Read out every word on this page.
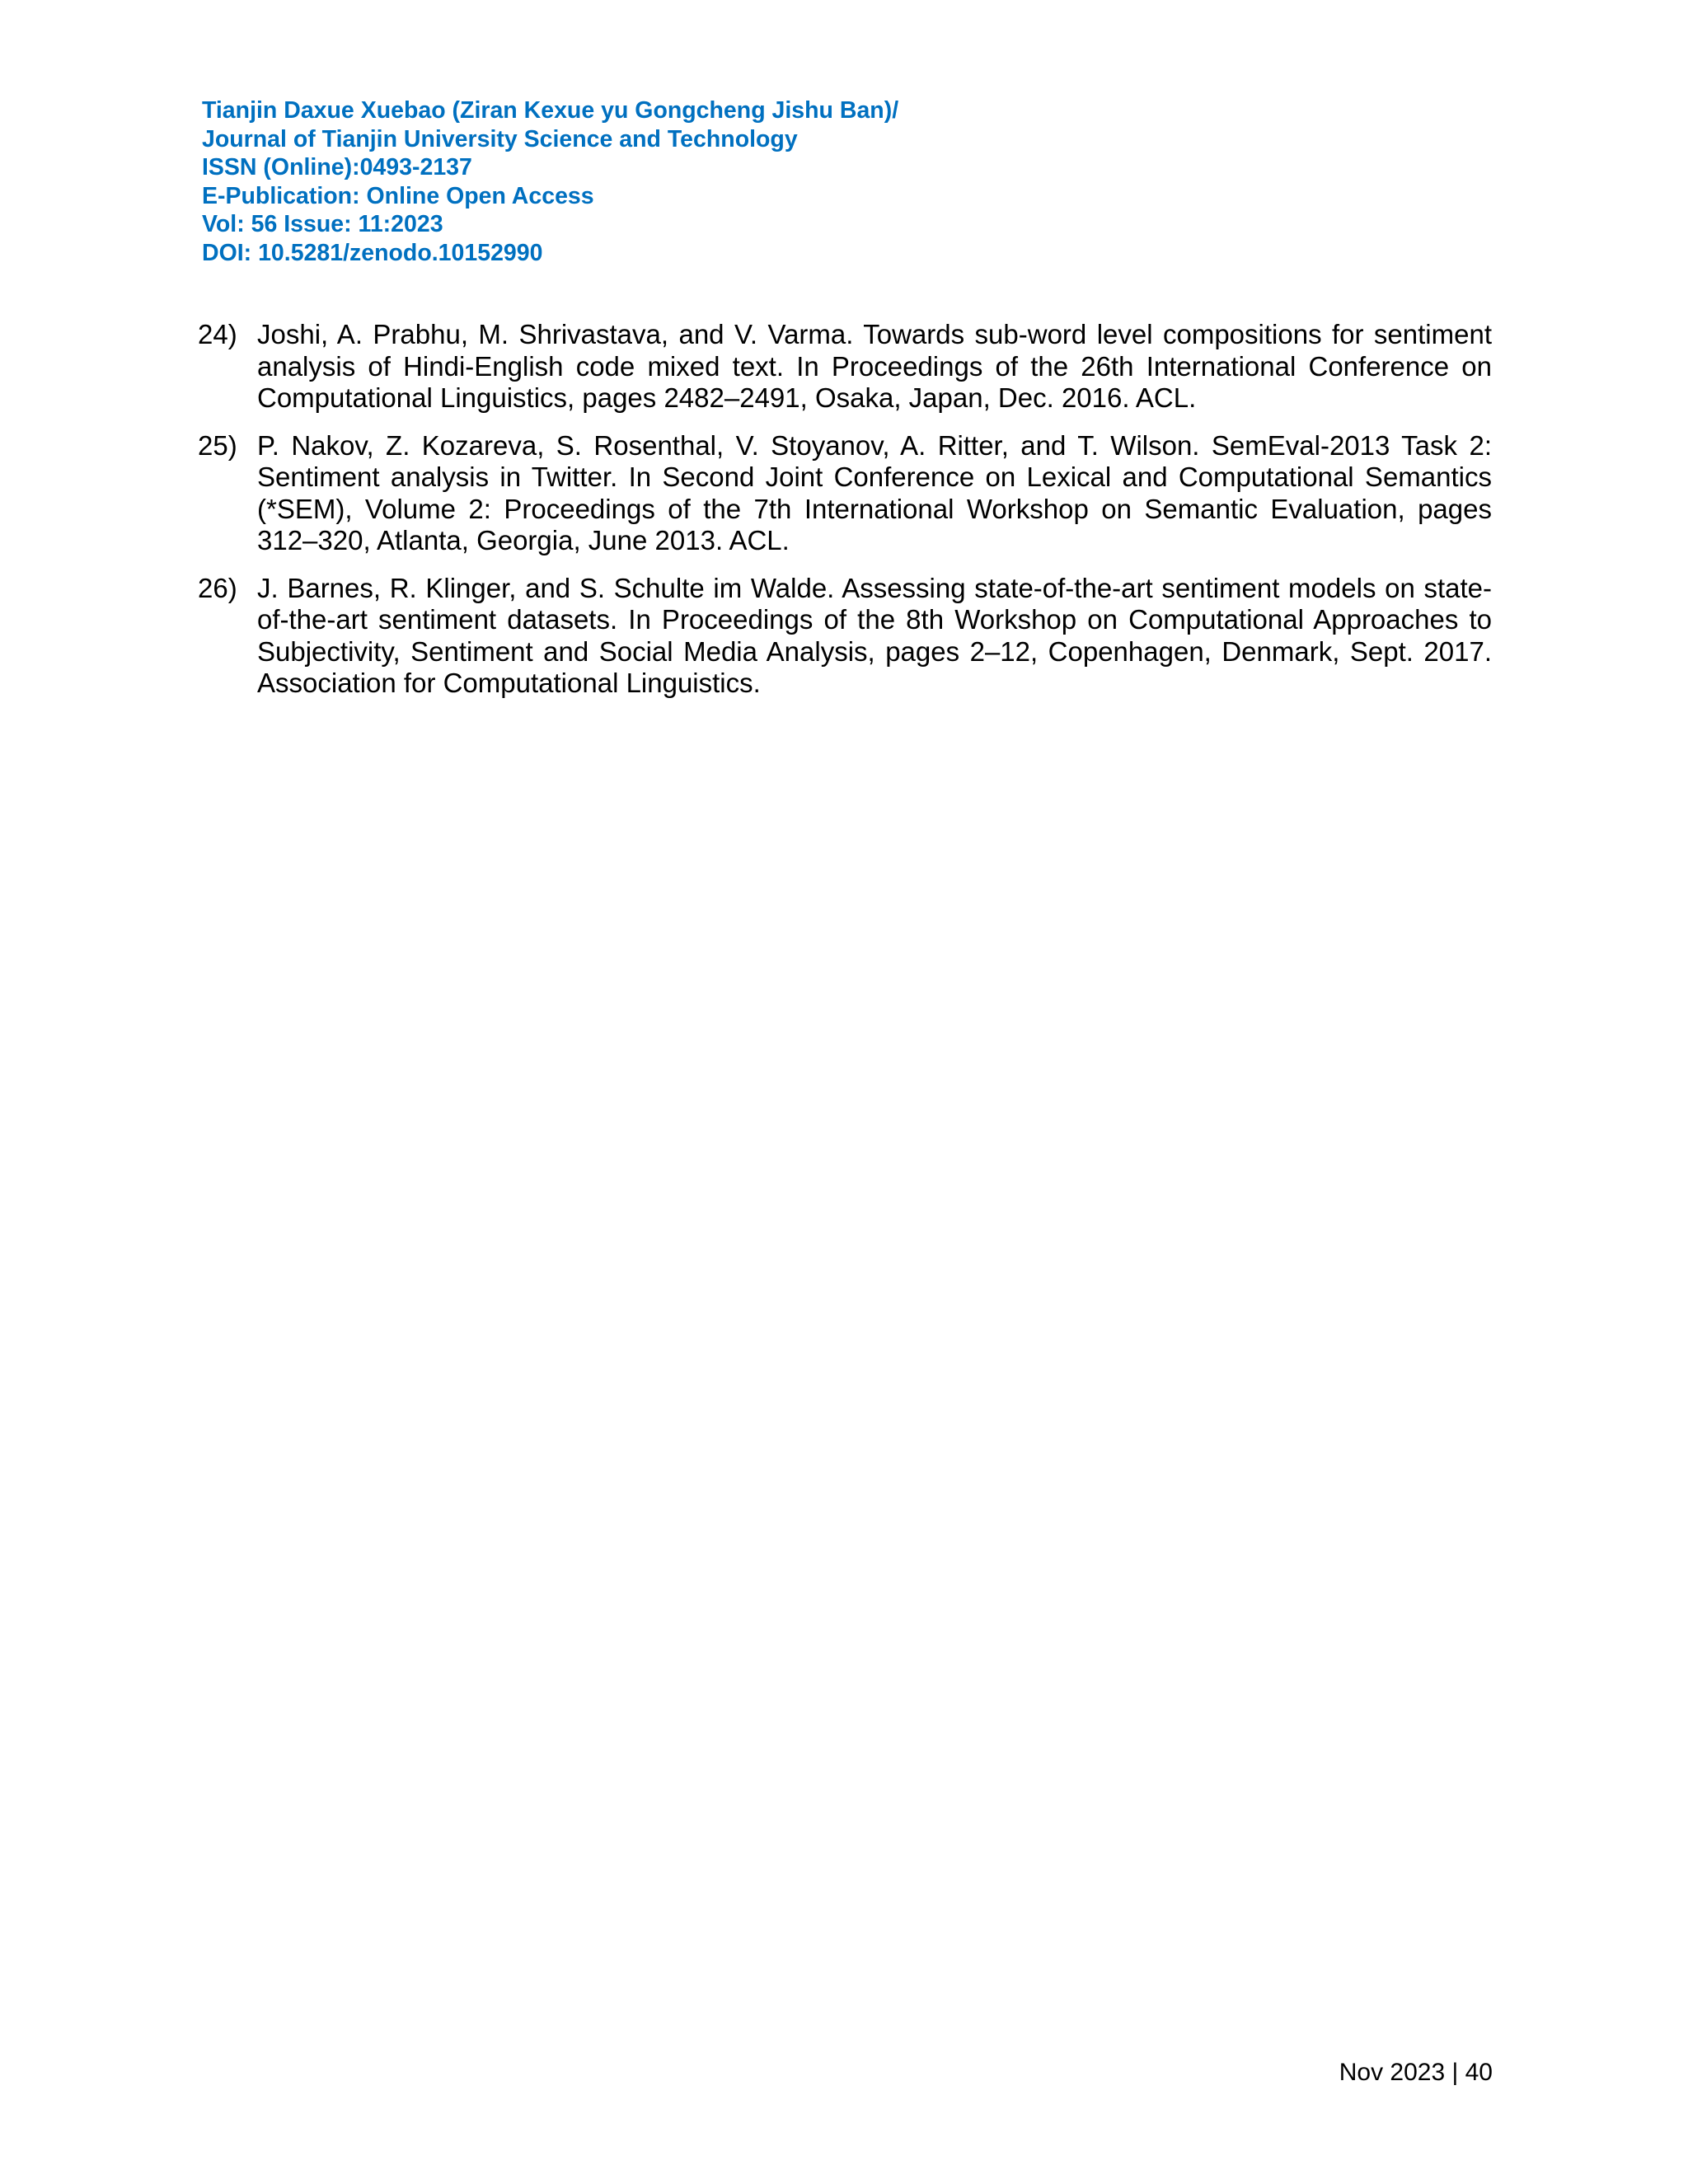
Tianjin Daxue Xuebao (Ziran Kexue yu Gongcheng Jishu Ban)/
Journal of Tianjin University Science and Technology
ISSN (Online):0493-2137
E-Publication: Online Open Access
Vol: 56 Issue: 11:2023
DOI: 10.5281/zenodo.10152990
24) Joshi, A. Prabhu, M. Shrivastava, and V. Varma. Towards sub-word level compositions for sentiment analysis of Hindi-English code mixed text. In Proceedings of the 26th International Conference on Computational Linguistics, pages 2482–2491, Osaka, Japan, Dec. 2016. ACL.
25) P. Nakov, Z. Kozareva, S. Rosenthal, V. Stoyanov, A. Ritter, and T. Wilson. SemEval-2013 Task 2: Sentiment analysis in Twitter. In Second Joint Conference on Lexical and Computational Semantics (*SEM), Volume 2: Proceedings of the 7th International Workshop on Semantic Evaluation, pages 312–320, Atlanta, Georgia, June 2013. ACL.
26) J. Barnes, R. Klinger, and S. Schulte im Walde. Assessing state-of-the-art sentiment models on state-of-the-art sentiment datasets. In Proceedings of the 8th Workshop on Computational Approaches to Subjectivity, Sentiment and Social Media Analysis, pages 2–12, Copenhagen, Denmark, Sept. 2017. Association for Computational Linguistics.
Nov 2023 | 40
